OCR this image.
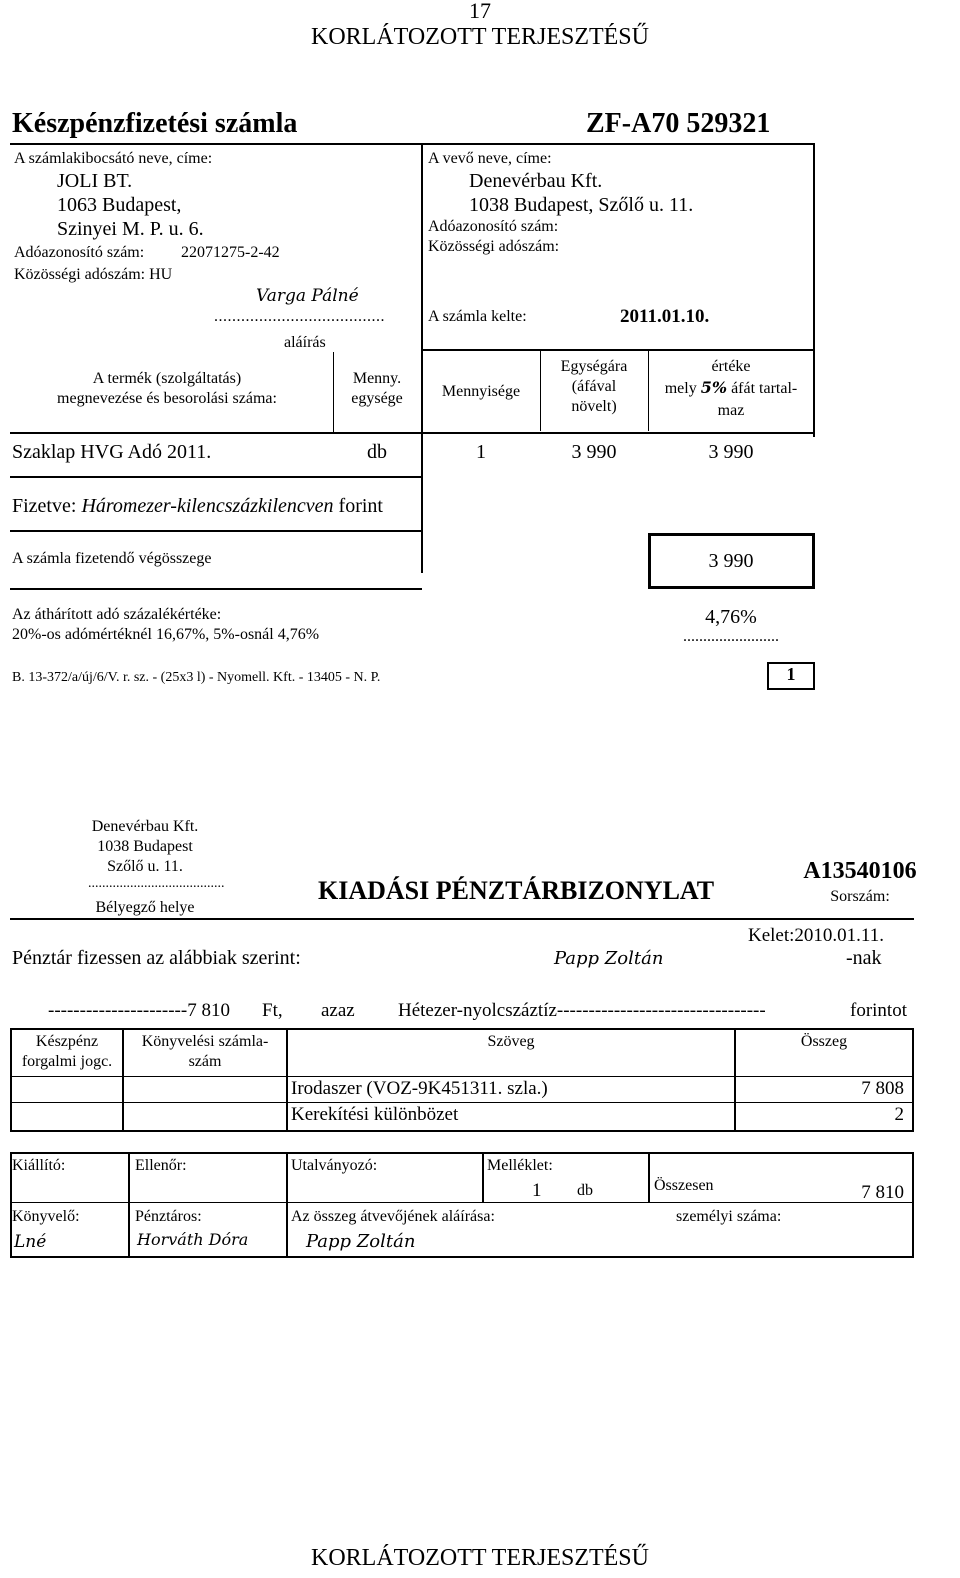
17
KORLÁTOZOTT TERJESZTÉSŰ
Készpénzfizetési számla	ZF-A70 529321
A számlakibocsátó neve, címe:
JOLI BT.
1063 Budapest,
Szinyei M. P. u. 6.
Adóazonosító szám: 22071275-2-42
Közösségi adószám: HU
Varga Pálné
......................................
aláírás
A vevő neve, címe:
Denevérbau Kft.
1038 Budapest, Szőlő u. 11.
Adóazonosító szám:
Közösségi adószám:
A számla kelte:	2011.01.10.
A termék (szolgáltatás)
megnevezése és besorolási száma:
Menny.
egysége	Mennyisége
Egységára
(áfával
növelt)
értéke
mely 5% áfát tartal-
maz
Szaklap HVG Adó 2011.	db	1	3 990	3 990
Fizetve: Háromezer-kilencszázkilencven forint
A számla fizetendő végösszege	3 990
Az áthárított adó százalékértéke:
20%-os adómértéknél 16,67%, 5%-osnál 4,76%
4,76%
........................
B. 13-372/a/új/6/V. r. sz. - (25x3 l) - Nyomell. Kft. - 13405 - N. P.	1
Denevérbau Kft.
1038 Budapest
Szőlő u. 11.
.......................................
Bélyegző helye
KIADÁSI PÉNZTÁRBIZONYLAT
A13540106
Sorszám:
Kelet:2010.01.11.
Pénztár fizessen az alábbiak szerint:	Papp Zoltán	-nak
----------------------7 810 Ft, azaz Hétezer-nyolcszáztíz---------------------------------	forintot
Készpénz
forgalmi jogc.
Könyvelési számla-
szám
Szöveg	Összeg
Irodaszer (VOZ-9K451311. szla.)	7 808
Kerekítési különbözet	2
Kiállító:	Ellenőr:	Utalványozó:	Melléklet:
1 db	Összesen	7 810
Könyvelő:
Lné
Pénztáros:
Horváth Dóra
Az összeg átvevőjének aláírása:
Papp Zoltán
személyi száma:
KORLÁTOZOTT TERJESZTÉSŰ
